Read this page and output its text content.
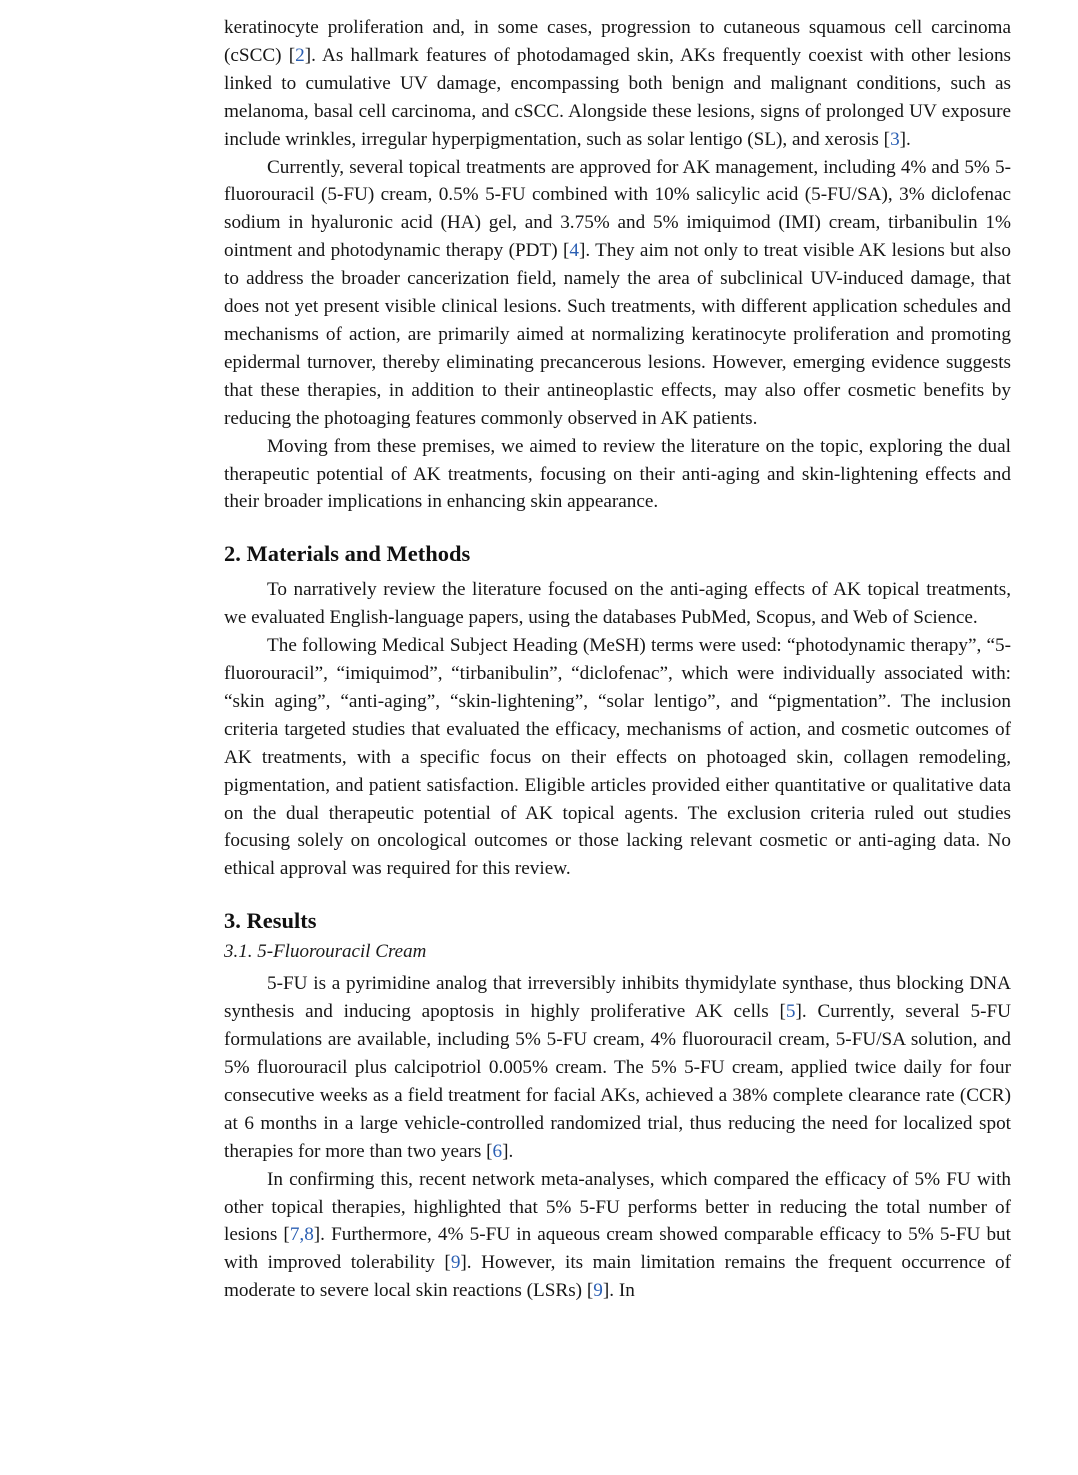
keratinocyte proliferation and, in some cases, progression to cutaneous squamous cell carcinoma (cSCC) [2]. As hallmark features of photodamaged skin, AKs frequently coexist with other lesions linked to cumulative UV damage, encompassing both benign and malignant conditions, such as melanoma, basal cell carcinoma, and cSCC. Alongside these lesions, signs of prolonged UV exposure include wrinkles, irregular hyperpigmentation, such as solar lentigo (SL), and xerosis [3].

Currently, several topical treatments are approved for AK management, including 4% and 5% 5-fluorouracil (5-FU) cream, 0.5% 5-FU combined with 10% salicylic acid (5-FU/SA), 3% diclofenac sodium in hyaluronic acid (HA) gel, and 3.75% and 5% imiquimod (IMI) cream, tirbanibulin 1% ointment and photodynamic therapy (PDT) [4]. They aim not only to treat visible AK lesions but also to address the broader cancerization field, namely the area of subclinical UV-induced damage, that does not yet present visible clinical lesions. Such treatments, with different application schedules and mechanisms of action, are primarily aimed at normalizing keratinocyte proliferation and promoting epidermal turnover, thereby eliminating precancerous lesions. However, emerging evidence suggests that these therapies, in addition to their antineoplastic effects, may also offer cosmetic benefits by reducing the photoaging features commonly observed in AK patients.

Moving from these premises, we aimed to review the literature on the topic, exploring the dual therapeutic potential of AK treatments, focusing on their anti-aging and skin-lightening effects and their broader implications in enhancing skin appearance.

2. Materials and Methods

To narratively review the literature focused on the anti-aging effects of AK topical treatments, we evaluated English-language papers, using the databases PubMed, Scopus, and Web of Science.

The following Medical Subject Heading (MeSH) terms were used: “photodynamic therapy”, “5-fluorouracil”, “imiquimod”, “tirbanibulin”, “diclofenac”, which were individually associated with: “skin aging”, “anti-aging”, “skin-lightening”, “solar lentigo”, and “pigmentation”. The inclusion criteria targeted studies that evaluated the efficacy, mechanisms of action, and cosmetic outcomes of AK treatments, with a specific focus on their effects on photoaged skin, collagen remodeling, pigmentation, and patient satisfaction. Eligible articles provided either quantitative or qualitative data on the dual therapeutic potential of AK topical agents. The exclusion criteria ruled out studies focusing solely on oncological outcomes or those lacking relevant cosmetic or anti-aging data. No ethical approval was required for this review.

3. Results
3.1. 5-Fluorouracil Cream

5-FU is a pyrimidine analog that irreversibly inhibits thymidylate synthase, thus blocking DNA synthesis and inducing apoptosis in highly proliferative AK cells [5]. Currently, several 5-FU formulations are available, including 5% 5-FU cream, 4% fluorouracil cream, 5-FU/SA solution, and 5% fluorouracil plus calcipotriol 0.005% cream. The 5% 5-FU cream, applied twice daily for four consecutive weeks as a field treatment for facial AKs, achieved a 38% complete clearance rate (CCR) at 6 months in a large vehicle-controlled randomized trial, thus reducing the need for localized spot therapies for more than two years [6].

In confirming this, recent network meta-analyses, which compared the efficacy of 5% FU with other topical therapies, highlighted that 5% 5-FU performs better in reducing the total number of lesions [7,8]. Furthermore, 4% 5-FU in aqueous cream showed comparable efficacy to 5% 5-FU but with improved tolerability [9]. However, its main limitation remains the frequent occurrence of moderate to severe local skin reactions (LSRs) [9]. In
